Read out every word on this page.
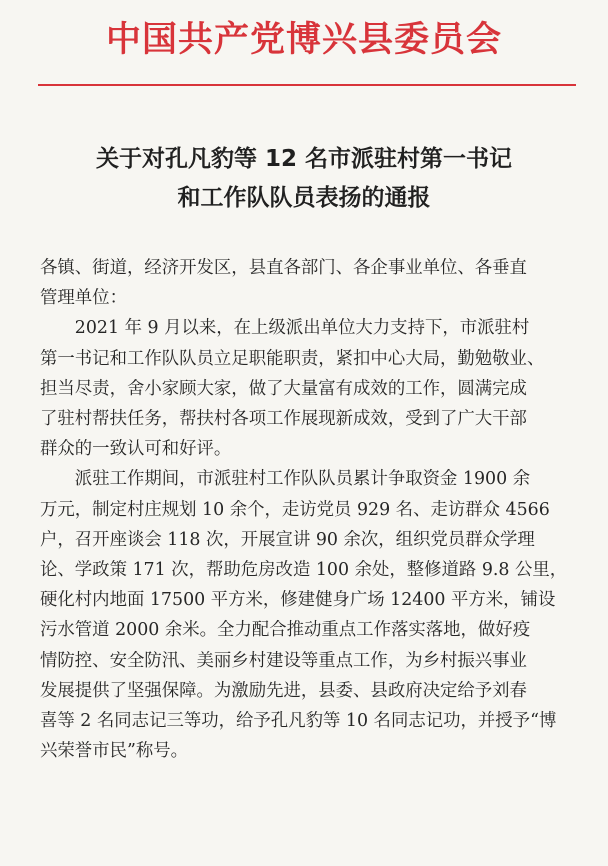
中国共产党博兴县委员会
关于对孔凡豹等 12 名市派驻村第一书记
和工作队队员表扬的通报

各镇、街道，经济开发区，县直各部门、各企事业单位、各垂直
管理单位：

2021 年 9 月以来，在上级派出单位大力支持下，市派驻村
第一书记和工作队队员立足职能职责，紧扣中心大局，勤勉敬业、
担当尽责，舍小家顾大家，做了大量富有成效的工作，圆满完成
了驻村帮扶任务，帮扶村各项工作展现新成效，受到了广大干部
群众的一致认可和好评。

派驻工作期间，市派驻村工作队队员累计争取资金 1900 余
万元，制定村庄规划 10 余个，走访党员 929 名、走访群众 4566
户，召开座谈会 118 次，开展宣讲 90 余次，组织党员群众学理
论、学政策 171 次，帮助危房改造 100 余处，整修道路 9.8 公里，
硬化村内地面 17500 平方米，修建健身广场 12400 平方米，铺设
污水管道 2000 余米。全力配合推动重点工作落实落地，做好疫
情防控、安全防汛、美丽乡村建设等重点工作，为乡村振兴事业
发展提供了坚强保障。为激励先进，县委、县政府决定给予刘春
喜等 2 名同志记三等功，给予孔凡豹等 10 名同志记功，并授予“博
兴荣誉市民”称号。
